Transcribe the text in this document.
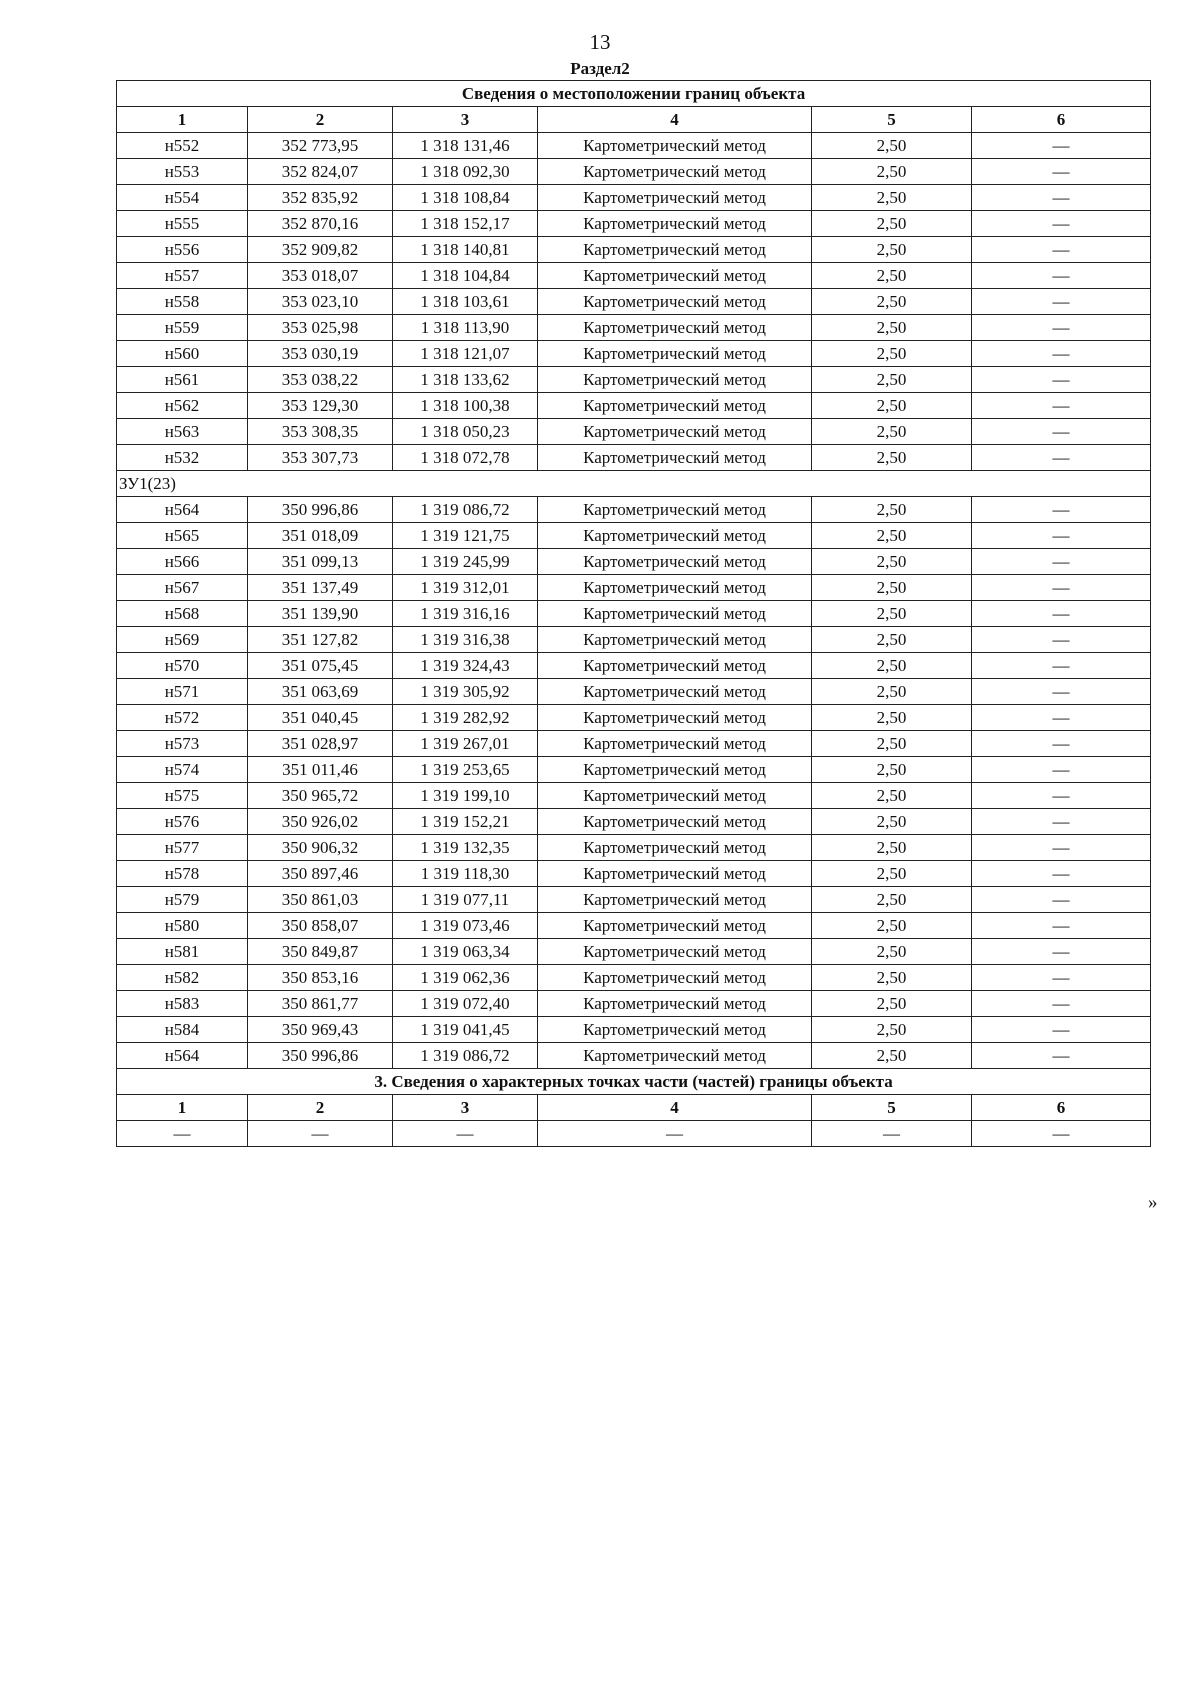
13
Раздел2
Сведения о местоположении границ объекта					
1	2	3	4	5	6
н552	352 773,95	1 318 131,46	Картометрический метод	2,50	—
н553	352 824,07	1 318 092,30	Картометрический метод	2,50	—
н554	352 835,92	1 318 108,84	Картометрический метод	2,50	—
н555	352 870,16	1 318 152,17	Картометрический метод	2,50	—
н556	352 909,82	1 318 140,81	Картометрический метод	2,50	—
н557	353 018,07	1 318 104,84	Картометрический метод	2,50	—
н558	353 023,10	1 318 103,61	Картометрический метод	2,50	—
н559	353 025,98	1 318 113,90	Картометрический метод	2,50	—
н560	353 030,19	1 318 121,07	Картометрический метод	2,50	—
н561	353 038,22	1 318 133,62	Картометрический метод	2,50	—
н562	353 129,30	1 318 100,38	Картометрический метод	2,50	—
н563	353 308,35	1 318 050,23	Картометрический метод	2,50	—
н532	353 307,73	1 318 072,78	Картометрический метод	2,50	—
ЗУ1(23)					
н564	350 996,86	1 319 086,72	Картометрический метод	2,50	—
н565	351 018,09	1 319 121,75	Картометрический метод	2,50	—
н566	351 099,13	1 319 245,99	Картометрический метод	2,50	—
н567	351 137,49	1 319 312,01	Картометрический метод	2,50	—
н568	351 139,90	1 319 316,16	Картометрический метод	2,50	—
н569	351 127,82	1 319 316,38	Картометрический метод	2,50	—
н570	351 075,45	1 319 324,43	Картометрический метод	2,50	—
н571	351 063,69	1 319 305,92	Картометрический метод	2,50	—
н572	351 040,45	1 319 282,92	Картометрический метод	2,50	—
н573	351 028,97	1 319 267,01	Картометрический метод	2,50	—
н574	351 011,46	1 319 253,65	Картометрический метод	2,50	—
н575	350 965,72	1 319 199,10	Картометрический метод	2,50	—
н576	350 926,02	1 319 152,21	Картометрический метод	2,50	—
н577	350 906,32	1 319 132,35	Картометрический метод	2,50	—
н578	350 897,46	1 319 118,30	Картометрический метод	2,50	—
н579	350 861,03	1 319 077,11	Картометрический метод	2,50	—
н580	350 858,07	1 319 073,46	Картометрический метод	2,50	—
н581	350 849,87	1 319 063,34	Картометрический метод	2,50	—
н582	350 853,16	1 319 062,36	Картометрический метод	2,50	—
н583	350 861,77	1 319 072,40	Картометрический метод	2,50	—
н584	350 969,43	1 319 041,45	Картометрический метод	2,50	—
н564	350 996,86	1 319 086,72	Картометрический метод	2,50	—
3. Сведения о характерных точках части (частей) границы объекта					
1	2	3	4	5	6
—	—	—	—	—	—
»
